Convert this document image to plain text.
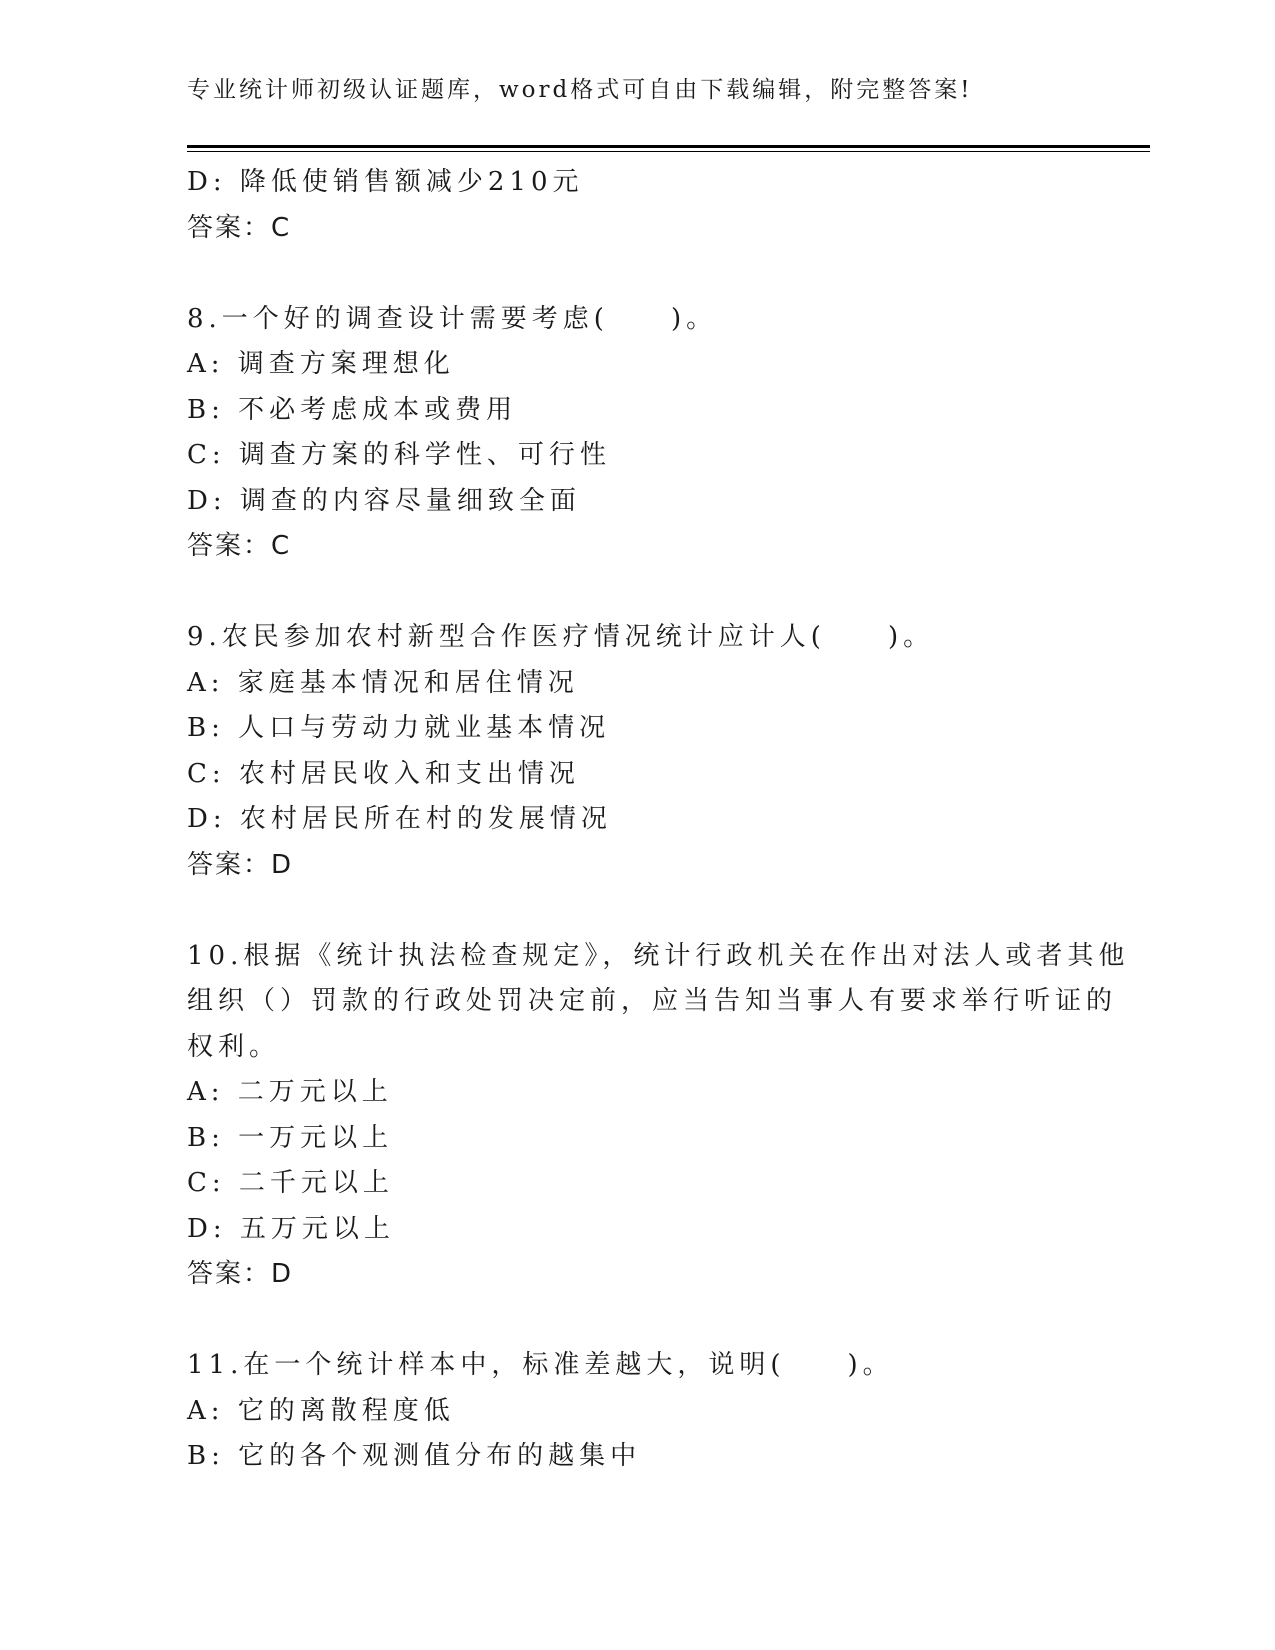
专业统计师初级认证题库，word格式可自由下载编辑，附完整答案!
D: 降低使销售额减少210元
答案：C
8.一个好的调查设计需要考虑(　　)。
A: 调查方案理想化
B: 不必考虑成本或费用
C: 调查方案的科学性、可行性
D: 调查的内容尽量细致全面
答案：C
9.农民参加农村新型合作医疗情况统计应计人(　　)。
A: 家庭基本情况和居住情况
B: 人口与劳动力就业基本情况
C: 农村居民收入和支出情况
D: 农村居民所在村的发展情况
答案：D
10.根据《统计执法检查规定》，统计行政机关在作出对法人或者其他
组织（）罚款的行政处罚决定前，应当告知当事人有要求举行听证的
权利。
A: 二万元以上
B: 一万元以上
C: 二千元以上
D: 五万元以上
答案：D
11.在一个统计样本中，标准差越大，说明(　　)。
A: 它的离散程度低
B: 它的各个观测值分布的越集中
